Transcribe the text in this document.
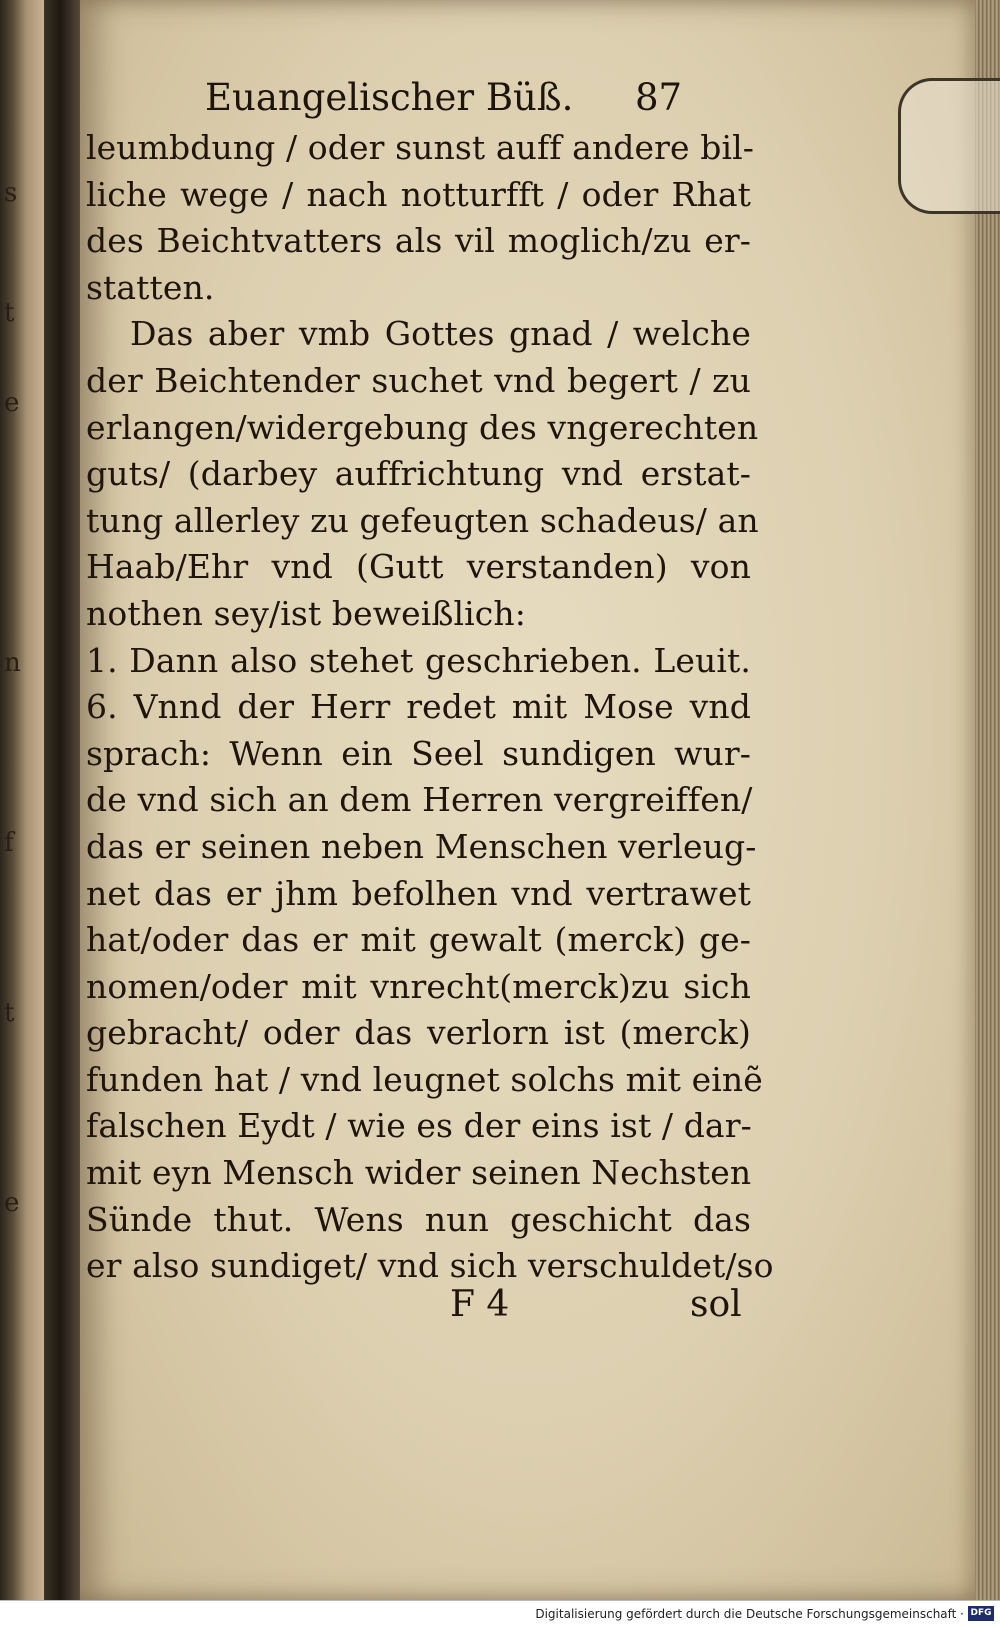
s
t
e
n
f
t
e
Euangelischer Büß. 87
leumbdung / oder sunst auff andere bil-
liche wege / nach notturfft / oder Rhat
des Beichtvatters als vil moglich/zu er-
statten.
Das aber vmb Gottes gnad / welche
der Beichtender suchet vnd begert / zu
erlangen/widergebung des vngerechten
guts/ (darbey auffrichtung vnd erstat-
tung allerley zu gefeugten schadeus/ an
Haab/Ehr vnd (Gutt verstanden) von
nothen sey/ist beweißlich:
1. Dann also stehet geschrieben. Leuit.
6. Vnnd der Herr redet mit Mose vnd
sprach: Wenn ein Seel sundigen wur-
de vnd sich an dem Herren vergreiffen/
das er seinen neben Menschen verleug-
net das er jhm befolhen vnd vertrawet
hat/oder das er mit gewalt (merck) ge-
nomen/oder mit vnrecht(merck)zu sich
gebracht/ oder das verlorn ist (merck)
funden hat / vnd leugnet solchs mit einẽ
falschen Eydt / wie es der eins ist / dar-
mit eyn Mensch wider seinen Nechsten
Sünde thut. Wens nun geschicht das
er also sundiget/ vnd sich verschuldet/so
F 4	sol
Digitalisierung gefördert durch die Deutsche Forschungsgemeinschaft · DFG
